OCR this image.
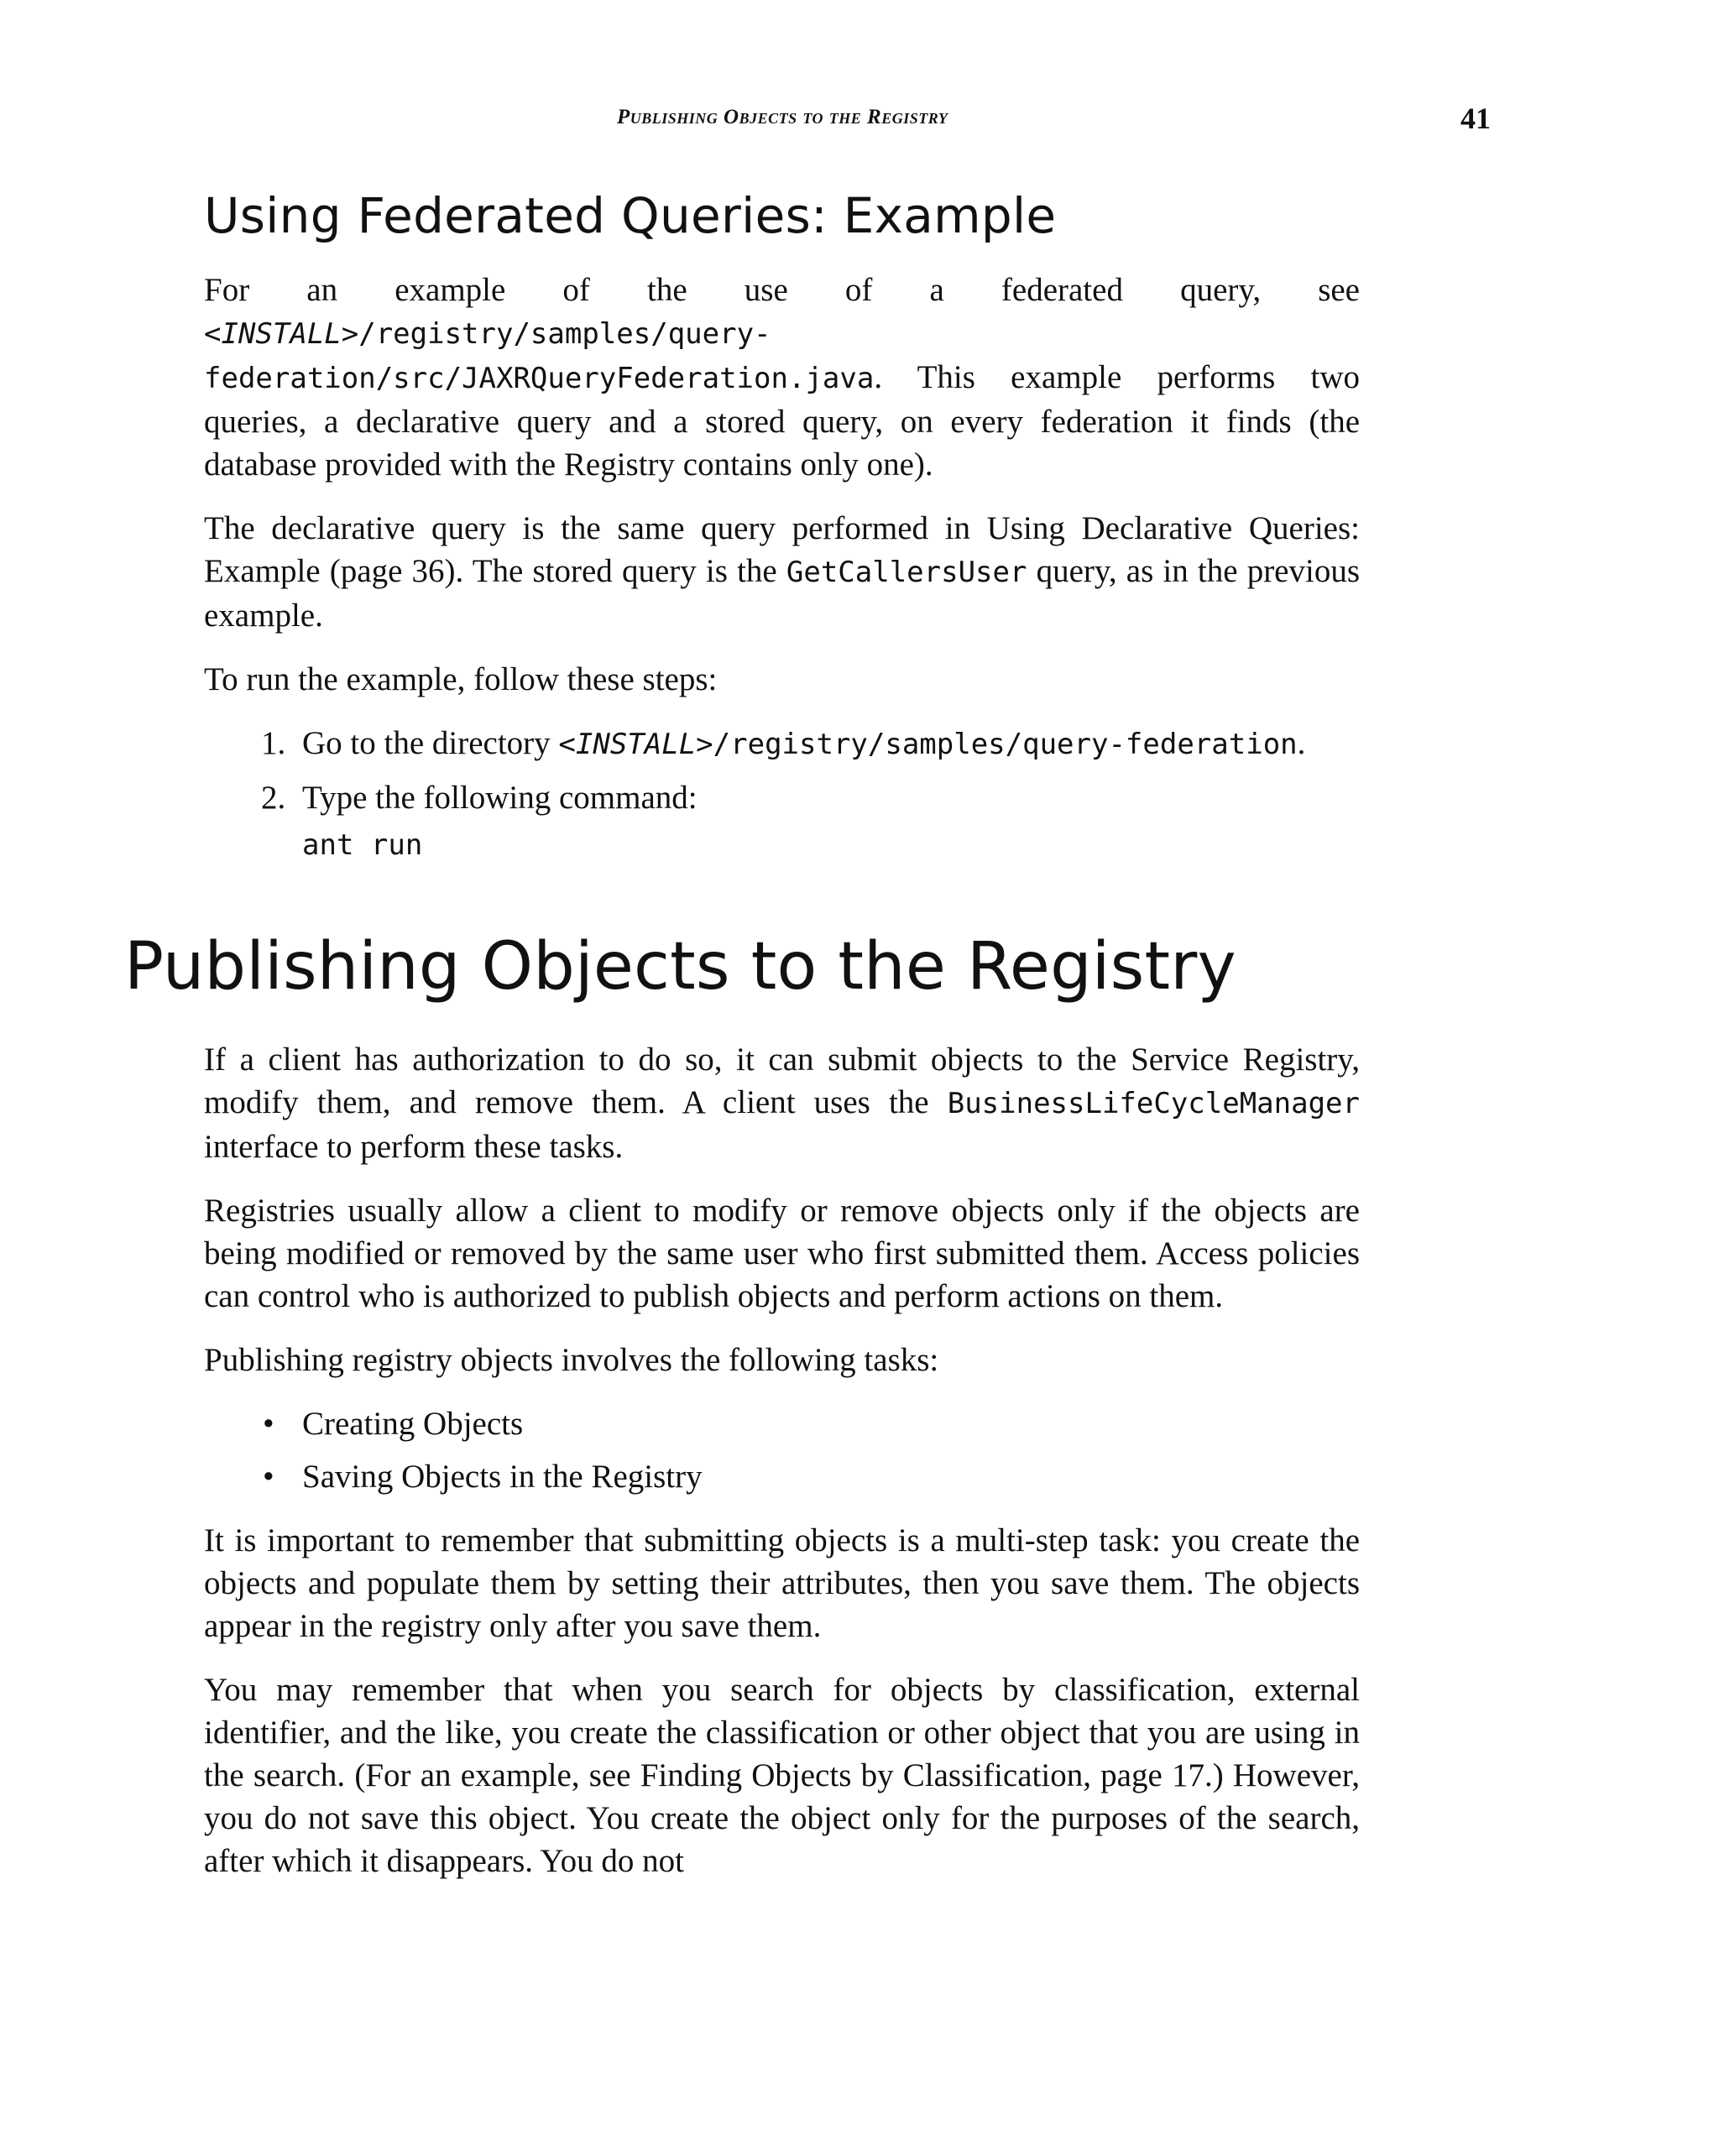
Publishing Objects to the Registry	41
Using Federated Queries: Example

For an example of the use of a federated query, see <INSTALL>/registry/samples/query-federation/src/JAXRQueryFederation.java. This example performs two queries, a declarative query and a stored query, on every federation it finds (the database provided with the Registry contains only one).

The declarative query is the same query performed in Using Declarative Queries: Example (page 36). The stored query is the GetCallersUser query, as in the previous example.

To run the example, follow these steps:

1. Go to the directory <INSTALL>/registry/samples/query-federation.
2. Type the following command:
ant run
Publishing Objects to the Registry

If a client has authorization to do so, it can submit objects to the Service Registry, modify them, and remove them. A client uses the BusinessLifeCycleManager interface to perform these tasks.

Registries usually allow a client to modify or remove objects only if the objects are being modified or removed by the same user who first submitted them. Access policies can control who is authorized to publish objects and perform actions on them.

Publishing registry objects involves the following tasks:

• Creating Objects
• Saving Objects in the Registry

It is important to remember that submitting objects is a multi-step task: you create the objects and populate them by setting their attributes, then you save them. The objects appear in the registry only after you save them.

You may remember that when you search for objects by classification, external identifier, and the like, you create the classification or other object that you are using in the search. (For an example, see Finding Objects by Classification, page 17.) However, you do not save this object. You create the object only for the purposes of the search, after which it disappears. You do not
